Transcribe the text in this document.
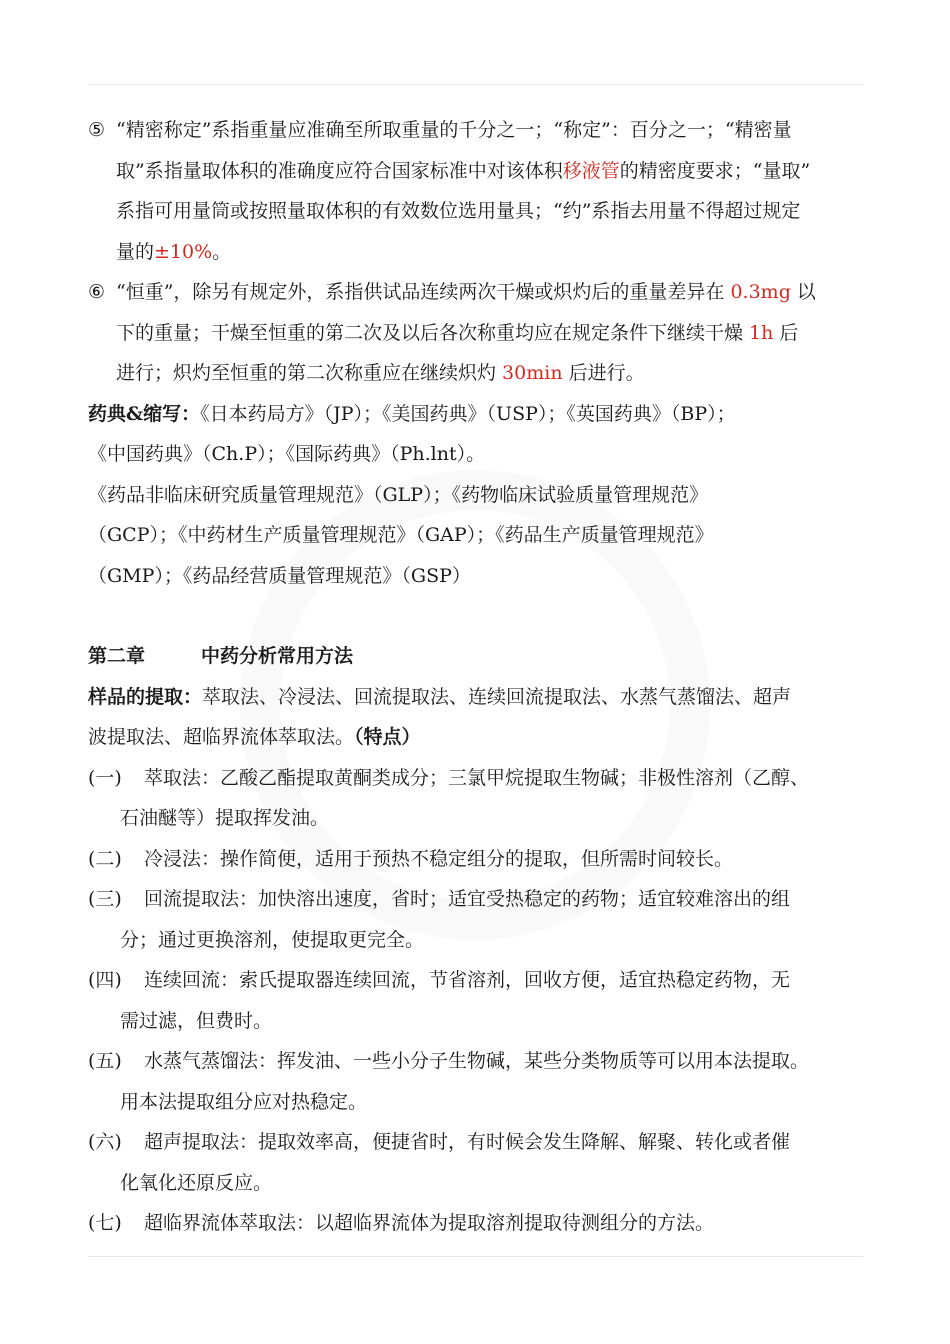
⑤ “精密称定”系指重量应准确至所取重量的千分之一；“称定”：百分之一；“精密量
取”系指量取体积的准确度应符合国家标准中对该体积移液管的精密度要求；“量取”
系指可用量筒或按照量取体积的有效数位选用量具；“约”系指去用量不得超过规定
量的±10%。
⑥ “恒重”，除另有规定外，系指供试品连续两次干燥或炽灼后的重量差异在 0.3mg 以
下的重量；干燥至恒重的第二次及以后各次称重均应在规定条件下继续干燥 1h 后
进行；炽灼至恒重的第二次称重应在继续炽灼 30min 后进行。
药典&缩写：《日本药局方》（JP）；《美国药典》（USP）；《英国药典》（BP）；
《中国药典》（Ch.P）；《国际药典》（Ph.lnt）。
《药品非临床研究质量管理规范》（GLP）；《药物临床试验质量管理规范》
（GCP）；《中药材生产质量管理规范》（GAP）；《药品生产质量管理规范》
（GMP）；《药品经营质量管理规范》（GSP）
第二章	中药分析常用方法
样品的提取：萃取法、冷浸法、回流提取法、连续回流提取法、水蒸气蒸馏法、超声
波提取法、超临界流体萃取法。（特点）
(一)	萃取法：乙酸乙酯提取黄酮类成分；三氯甲烷提取生物碱；非极性溶剂（乙醇、
石油醚等）提取挥发油。
(二)	冷浸法：操作简便，适用于预热不稳定组分的提取，但所需时间较长。
(三)	回流提取法：加快溶出速度，省时；适宜受热稳定的药物；适宜较难溶出的组
分；通过更换溶剂，使提取更完全。
(四)	连续回流：索氏提取器连续回流，节省溶剂，回收方便，适宜热稳定药物，无
需过滤，但费时。
(五)	水蒸气蒸馏法：挥发油、一些小分子生物碱，某些分类物质等可以用本法提取。
用本法提取组分应对热稳定。
(六)	超声提取法：提取效率高，便捷省时，有时候会发生降解、解聚、转化或者催
化氧化还原反应。
(七)	超临界流体萃取法：以超临界流体为提取溶剂提取待测组分的方法。
